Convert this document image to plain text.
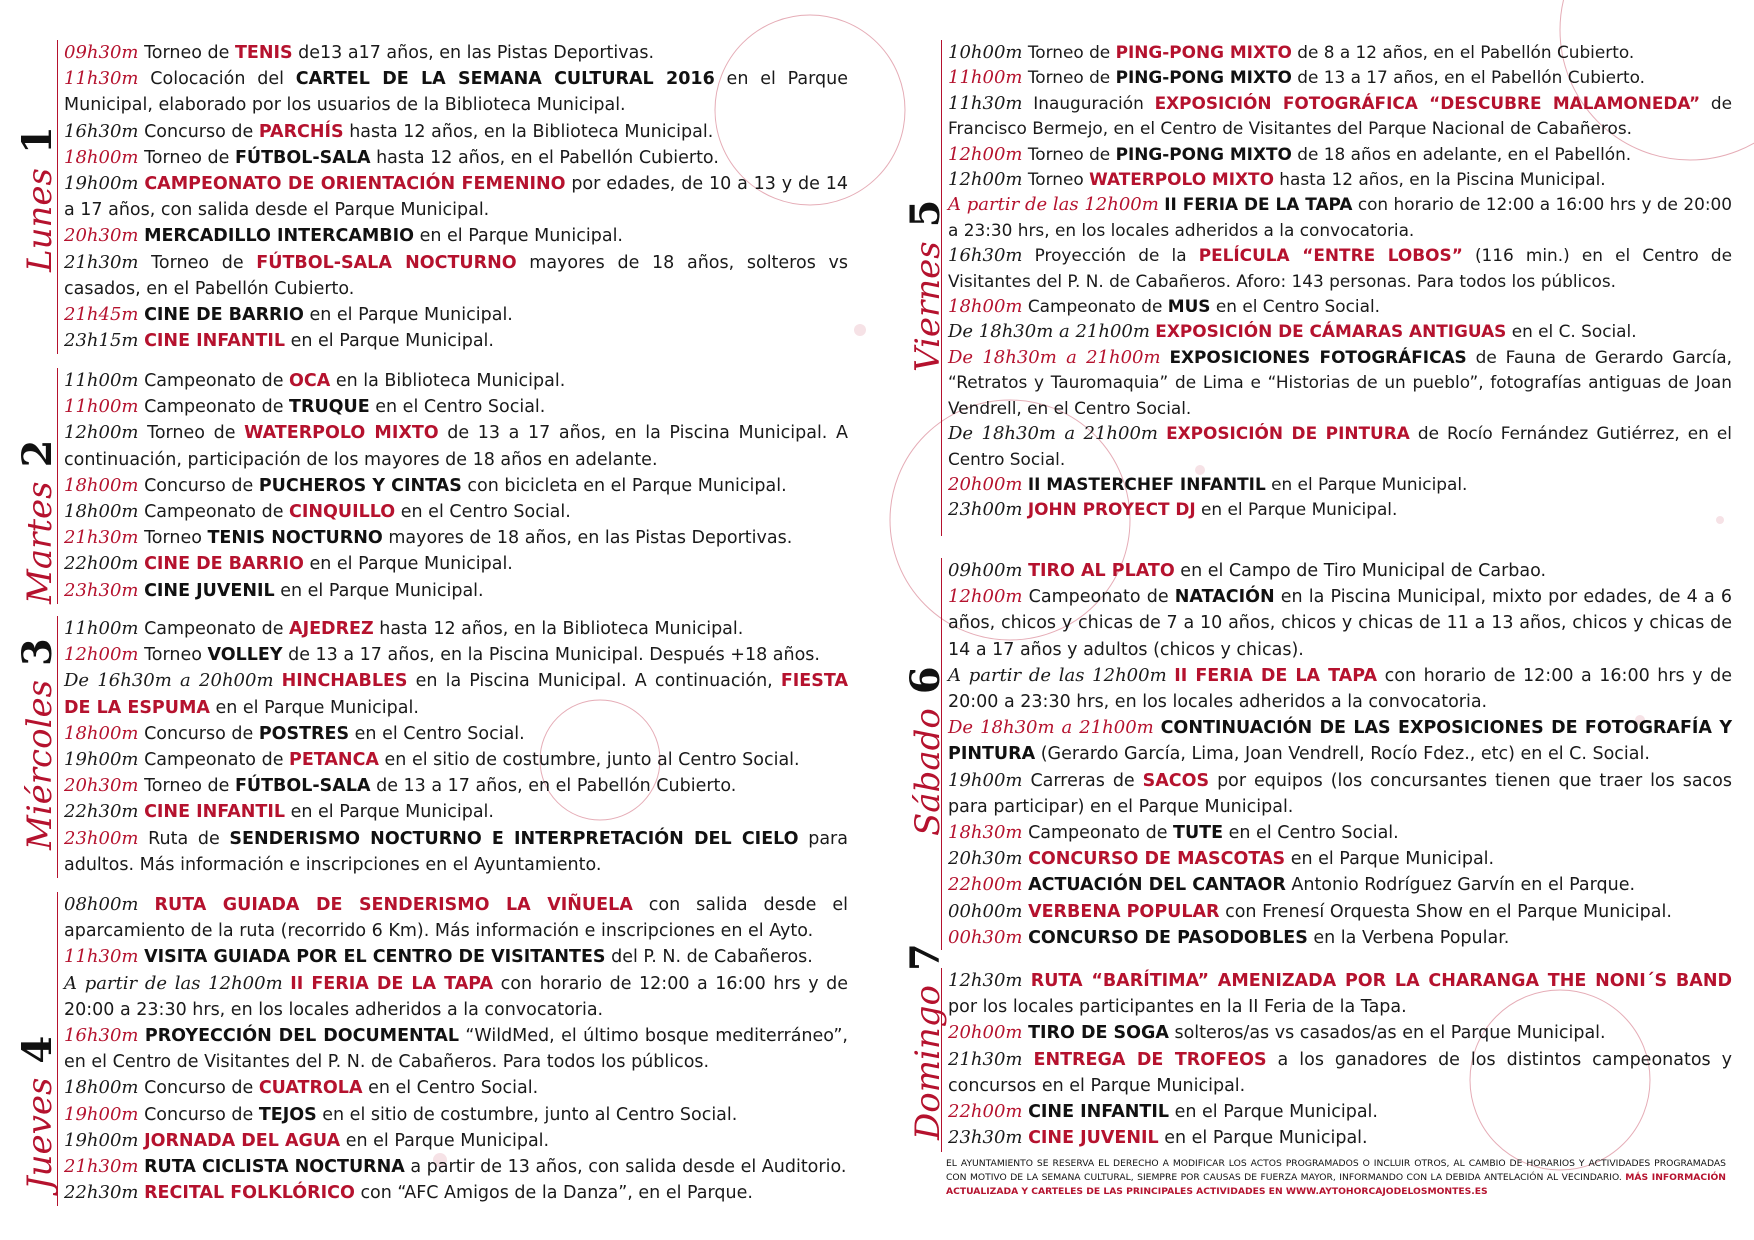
Lunes1

09h30m Torneo de TENIS de13 a17 años, en las Pistas Deportivas.

11h30m Colocación del CARTEL DE LA SEMANA CULTURAL 2016 en el Parque Municipal, elaborado por los usuarios de la Biblioteca Municipal.

16h30m Concurso de PARCHÍS hasta 12 años, en la Biblioteca Municipal.

18h00m Torneo de FÚTBOL-SALA hasta 12 años, en el Pabellón Cubierto.

19h00m CAMPEONATO DE ORIENTACIÓN FEMENINO por edades, de 10 a 13 y de 14 a 17 años, con salida desde el Parque Municipal.

20h30m MERCADILLO INTERCAMBIO en el Parque Municipal.

21h30m Torneo de FÚTBOL-SALA NOCTURNO mayores de 18 años, solteros vs casados, en el Pabellón Cubierto.

21h45m CINE DE BARRIO en el Parque Municipal.

23h15m CINE INFANTIL en el Parque Municipal.

Martes2

11h00m Campeonato de OCA en la Biblioteca Municipal.

11h00m Campeonato de TRUQUE en el Centro Social.

12h00m Torneo de WATERPOLO MIXTO de 13 a 17 años, en la Piscina Municipal. A continuación, participación de los mayores de 18 años en adelante.

18h00m Concurso de PUCHEROS Y CINTAS con bicicleta en el Parque Municipal.

18h00m Campeonato de CINQUILLO en el Centro Social.

21h30m Torneo TENIS NOCTURNO mayores de 18 años, en las Pistas Deportivas.

22h00m CINE DE BARRIO en el Parque Municipal.

23h30m CINE JUVENIL en el Parque Municipal.

Miércoles3

11h00m Campeonato de AJEDREZ hasta 12 años, en la Biblioteca Municipal.

12h00m Torneo VOLLEY de 13 a 17 años, en la Piscina Municipal. Después +18 años.

De 16h30m a 20h00m HINCHABLES en la Piscina Municipal. A continuación, FIESTA DE LA ESPUMA en el Parque Municipal.

18h00m Concurso de POSTRES en el Centro Social.

19h00m Campeonato de PETANCA en el sitio de costumbre, junto al Centro Social.

20h30m Torneo de FÚTBOL-SALA de 13 a 17 años, en el Pabellón Cubierto.

22h30m CINE INFANTIL en el Parque Municipal.

23h00m Ruta de SENDERISMO NOCTURNO E INTERPRETACIÓN DEL CIELO para adultos. Más información e inscripciones en el Ayuntamiento.

Jueves4

08h00m RUTA GUIADA DE SENDERISMO LA VIÑUELA con salida desde el aparcamiento de la ruta (recorrido 6 Km). Más información e inscripciones en el Ayto.

11h30m VISITA GUIADA POR EL CENTRO DE VISITANTES del P. N. de Cabañeros.

A partir de las 12h00m II FERIA DE LA TAPA con horario de 12:00 a 16:00 hrs y de 20:00 a 23:30 hrs, en los locales adheridos a la convocatoria.

16h30m PROYECCIÓN DEL DOCUMENTAL “WildMed, el último bosque mediterráneo”, en el Centro de Visitantes del P. N. de Cabañeros. Para todos los públicos.

18h00m Concurso de CUATROLA en el Centro Social.

19h00m Concurso de TEJOS en el sitio de costumbre, junto al Centro Social.

19h00m JORNADA DEL AGUA en el Parque Municipal.

21h30m RUTA CICLISTA NOCTURNA a partir de 13 años, con salida desde el Auditorio.

22h30m RECITAL FOLKLÓRICO con “AFC Amigos de la Danza”, en el Parque.

Viernes5

10h00m Torneo de PING-PONG MIXTO de 8 a 12 años, en el Pabellón Cubierto.

11h00m Torneo de PING-PONG MIXTO de 13 a 17 años, en el Pabellón Cubierto.

11h30m Inauguración EXPOSICIÓN FOTOGRÁFICA “DESCUBRE MALAMONEDA” de Francisco Bermejo, en el Centro de Visitantes del Parque Nacional de Cabañeros.

12h00m Torneo de PING-PONG MIXTO de 18 años en adelante, en el Pabellón.

12h00m Torneo WATERPOLO MIXTO hasta 12 años, en la Piscina Municipal.

A partir de las 12h00m II FERIA DE LA TAPA con horario de 12:00 a 16:00 hrs y de 20:00 a 23:30 hrs, en los locales adheridos a la convocatoria.

16h30m Proyección de la PELÍCULA “ENTRE LOBOS” (116 min.) en el Centro de Visitantes del P. N. de Cabañeros. Aforo: 143 personas. Para todos los públicos.

18h00m Campeonato de MUS en el Centro Social.

De 18h30m a 21h00m EXPOSICIÓN DE CÁMARAS ANTIGUAS en el C. Social.

De 18h30m a 21h00m EXPOSICIONES FOTOGRÁFICAS de Fauna de Gerardo García, “Retratos y Tauromaquia” de Lima e “Historias de un pueblo”, fotografías antiguas de Joan Vendrell, en el Centro Social.

De 18h30m a 21h00m EXPOSICIÓN DE PINTURA de Rocío Fernández Gutiérrez, en el Centro Social.

20h00m II MASTERCHEF INFANTIL en el Parque Municipal.

23h00m JOHN PROYECT DJ en el Parque Municipal.

Sábado6

09h00m TIRO AL PLATO en el Campo de Tiro Municipal de Carbao.

12h00m Campeonato de NATACIÓN en la Piscina Municipal, mixto por edades, de 4 a 6 años, chicos y chicas de 7 a 10 años, chicos y chicas de 11 a 13 años, chicos y chicas de 14 a 17 años y adultos (chicos y chicas).

A partir de las 12h00m II FERIA DE LA TAPA con horario de 12:00 a 16:00 hrs y de 20:00 a 23:30 hrs, en los locales adheridos a la convocatoria.

De 18h30m a 21h00m CONTINUACIÓN DE LAS EXPOSICIONES DE FOTOGRAFÍA Y PINTURA (Gerardo García, Lima, Joan Vendrell, Rocío Fdez., etc) en el C. Social.

19h00m Carreras de SACOS por equipos (los concursantes tienen que traer los sacos para participar) en el Parque Municipal.

18h30m Campeonato de TUTE en el Centro Social.

20h30m CONCURSO DE MASCOTAS en el Parque Municipal.

22h00m ACTUACIÓN DEL CANTAOR Antonio Rodríguez Garvín en el Parque.

00h00m VERBENA POPULAR con Frenesí Orquesta Show en el Parque Municipal.

00h30m CONCURSO DE PASODOBLES en la Verbena Popular.

Domingo7

12h30m RUTA “BARÍTIMA” AMENIZADA POR LA CHARANGA THE NONI´S BAND por los locales participantes en la II Feria de la Tapa.

20h00m TIRO DE SOGA solteros/as vs casados/as en el Parque Municipal.

21h30m ENTREGA DE TROFEOS a los ganadores de los distintos campeonatos y concursos en el Parque Municipal.

22h00m CINE INFANTIL en el Parque Municipal.

23h30m CINE JUVENIL en el Parque Municipal.

EL AYUNTAMIENTO SE RESERVA EL DERECHO A MODIFICAR LOS ACTOS PROGRAMADOS O INCLUIR OTROS, AL CAMBIO DE HORARIOS Y ACTIVIDADES PROGRAMADAS CON MOTIVO DE LA SEMANA CULTURAL, SIEMPRE POR CAUSAS DE FUERZA MAYOR, INFORMANDO CON LA DEBIDA ANTELACIÓN AL VECINDARIO. MÁS INFORMACIÓN ACTUALIZADA Y CARTELES DE LAS PRINCIPALES ACTIVIDADES EN WWW.AYTOHORCAJODELOSMONTES.ES
